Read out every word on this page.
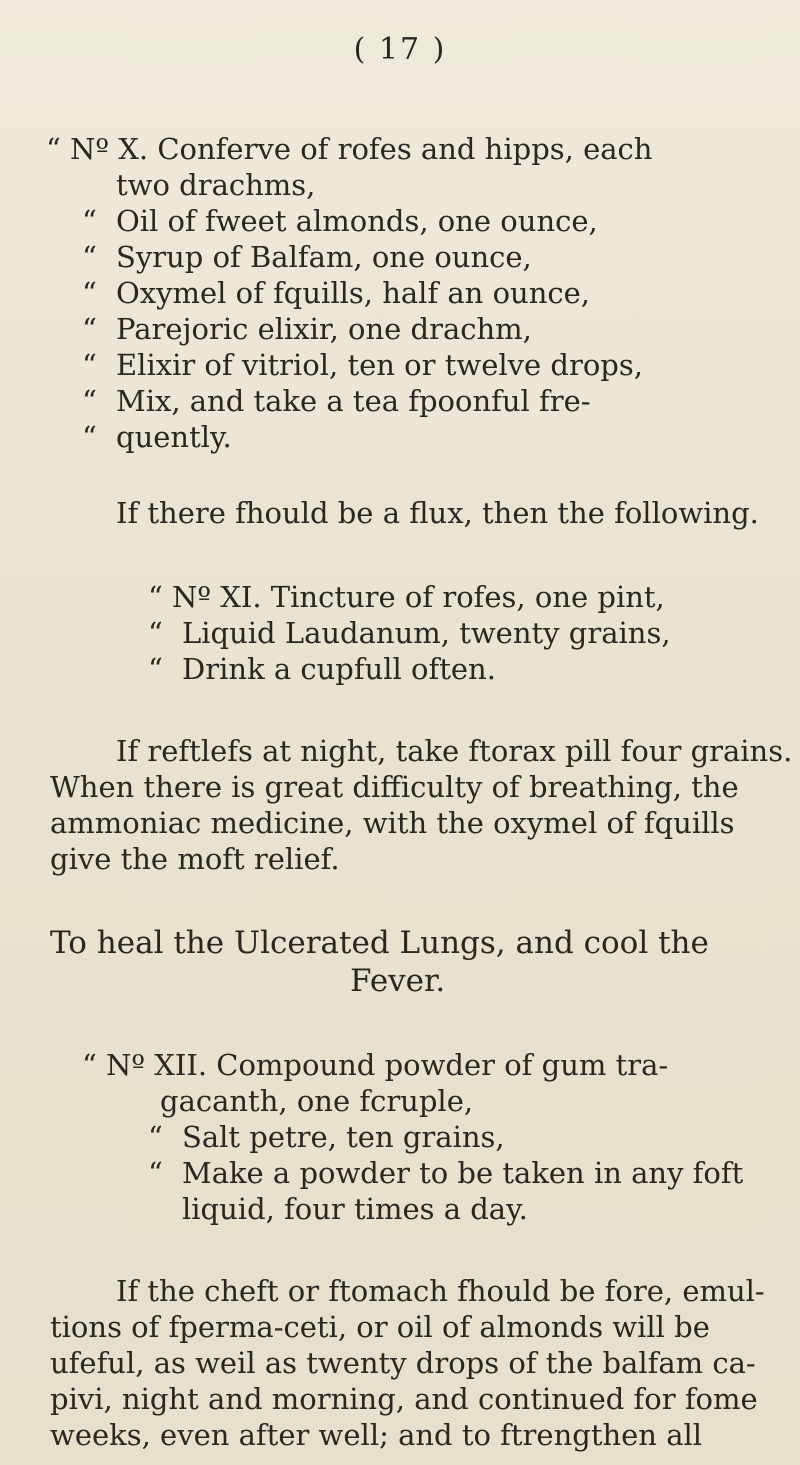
( 17 )
“ Nº X. Conferve of rofes and hipps, each
two drachms,
“ Oil of fweet almonds, one ounce,
“ Syrup of Balfam, one ounce,
“ Oxymel of fquills, half an ounce,
“ Parejoric elixir, one drachm,
“ Elixir of vitriol, ten or twelve drops,
“ Mix, and take a tea fpoonful fre-
“ quently.
If there fhould be a flux, then the following.
“ Nº XI. Tincture of rofes, one pint,
“ Liquid Laudanum, twenty grains,
“ Drink a cupfull often.
If reftlefs at night, take ftorax pill four grains.
When there is great difficulty of breathing, the
ammoniac medicine, with the oxymel of fquills
give the moft relief.
To heal the Ulcerated Lungs, and cool the
Fever.
“ Nº XII. Compound powder of gum tra-
gacanth, one fcruple,
“ Salt petre, ten grains,
“ Make a powder to be taken in any foft
liquid, four times a day.
If the cheft or ftomach fhould be fore, emul-
tions of fperma-ceti, or oil of almonds will be
ufeful, as weil as twenty drops of the balfam ca-
pivi, night and morning, and continued for fome
weeks, even after well; and to ftrengthen all
